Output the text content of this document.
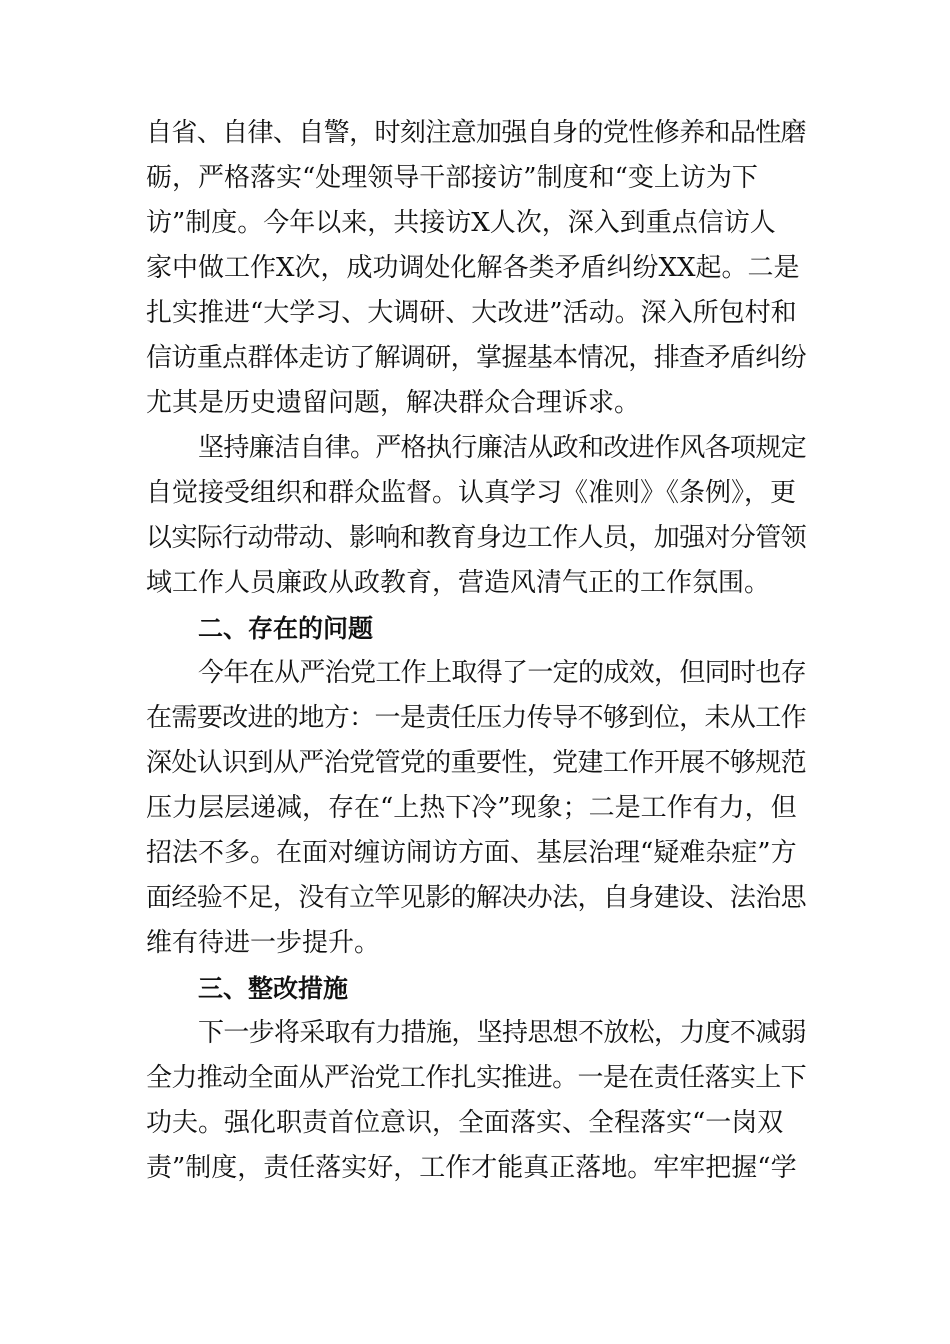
自省、自律、自警，时刻注意加强自身的党性修养和品性磨
砺，严格落实“处理领导干部接访”制度和“变上访为下
访”制度。今年以来，共接访X人次，深入到重点信访人
家中做工作X次，成功调处化解各类矛盾纠纷XX起。二是
扎实推进“大学习、大调研、大改进”活动。深入所包村和
信访重点群体走访了解调研，掌握基本情况，排查矛盾纠纷
尤其是历史遗留问题，解决群众合理诉求。
坚持廉洁自律。严格执行廉洁从政和改进作风各项规定
自觉接受组织和群众监督。认真学习《准则》《条例》，更
以实际行动带动、影响和教育身边工作人员，加强对分管领
域工作人员廉政从政教育，营造风清气正的工作氛围。
二、存在的问题
今年在从严治党工作上取得了一定的成效，但同时也存
在需要改进的地方：一是责任压力传导不够到位，未从工作
深处认识到从严治党管党的重要性，党建工作开展不够规范
压力层层递减，存在“上热下冷”现象；二是工作有力，但
招法不多。在面对缠访闹访方面、基层治理“疑难杂症”方
面经验不足，没有立竿见影的解决办法，自身建设、法治思
维有待进一步提升。
三、整改措施
下一步将采取有力措施，坚持思想不放松，力度不减弱
全力推动全面从严治党工作扎实推进。一是在责任落实上下
功夫。强化职责首位意识，全面落实、全程落实“一岗双
责”制度，责任落实好，工作才能真正落地。牢牢把握“学
